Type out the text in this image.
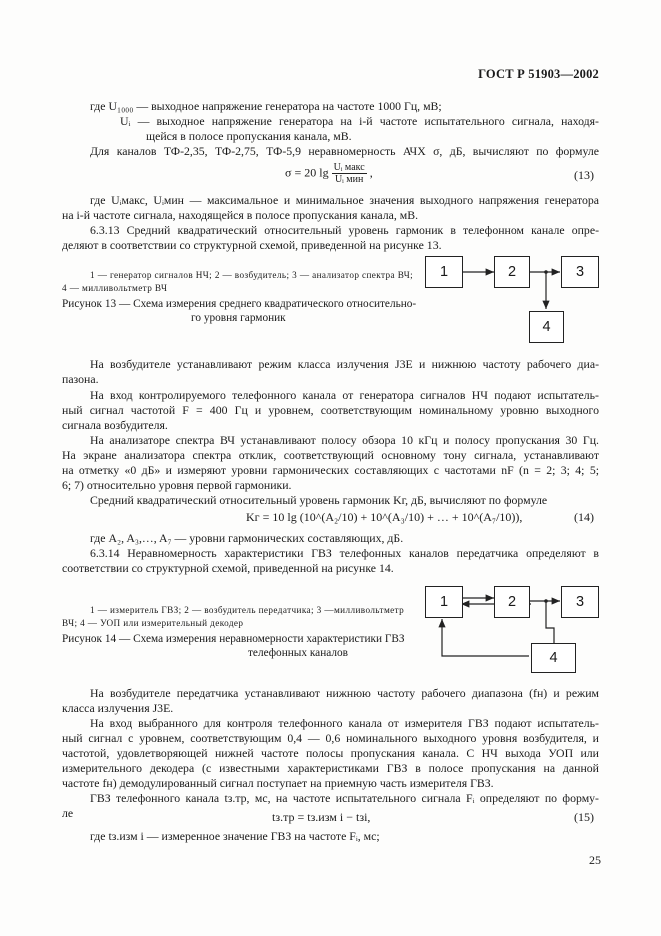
ГОСТ Р 51903—2002
где U₁₀₀₀ — выходное напряжение генератора на частоте 1000 Гц, мВ;
Uᵢ — выходное напряжение генератора на i-й частоте испытательного сигнала, находя-
щейся в полосе пропускания канала, мВ.
Для каналов ТФ-2,35, ТФ-2,75, ТФ-5,9 неравномерность АЧХ σ, дБ, вычисляют по формуле
σ = 20 $\lg \frac{\text{Uᵢ макс}}{\text{Uᵢ мин}}$ ,	(13)
где Uᵢмакс, Uᵢмин — максимальное и минимальное значения выходного напряжения генератора
на i-й частоте сигнала, находящейся в полосе пропускания канала, мВ.
6.3.13 Средний квадратический относительный уровень гармоник в телефонном канале опре-
деляют в соответствии со структурной схемой, приведенной на рисунке 13.
1 — генератор сигналов НЧ; 2 — возбудитель; 3 — анализатор спектра ВЧ;
4 — милливольтметр ВЧ
Рисунок 13 — Схема измерения среднего квадратического относительно-
го уровня гармоник
1	2	3
4
На возбудителе устанавливают режим класса излучения J3E и нижнюю частоту рабочего диа-
пазона.
На вход контролируемого телефонного канала от генератора сигналов НЧ подают испытатель-
ный сигнал частотой F = 400 Гц и уровнем, соответствующим номинальному уровню выходного
сигнала возбудителя.
На анализаторе спектра ВЧ устанавливают полосу обзора 10 кГц и полосу пропускания 30 Гц.
На экране анализатора спектра отклик, соответствующий основному тону сигнала, устанавливают
на отметку «0 дБ» и измеряют уровни гармонических составляющих с частотами nF (n = 2; 3; 4; 5;
6; 7) относительно уровня первой гармоники.
Средний квадратический относительный уровень гармоник Kг, дБ, вычисляют по формуле
Kг = 10 lg (10^(A₂/10) + 10^(A₃/10) + … + 10^(A₇/10)),	(14)
где A₂, A₃,…, A₇ — уровни гармонических составляющих, дБ.
6.3.14 Неравномерность характеристики ГВЗ телефонных каналов передатчика определяют в
соответствии со структурной схемой, приведенной на рисунке 14.
1 — измеритель ГВЗ; 2 — возбудитель передатчика; 3 —милливольтметр
ВЧ; 4 — УОП или измерительный декодер
Рисунок 14 — Схема измерения неравномерности характеристики ГВЗ
телефонных каналов
1	2	3
4
На возбудителе передатчика устанавливают нижнюю частоту рабочего диапазона (fн) и режим
класса излучения J3E.
На вход выбранного для контроля телефонного канала от измерителя ГВЗ подают испытатель-
ный сигнал с уровнем, соответствующим 0,4 — 0,6 номинального выходного уровня возбудителя, и
частотой, удовлетворяющей нижней частоте полосы пропускания канала. С НЧ выхода УОП или
измерительного декодера (с известными характеристиками ГВЗ в полосе пропускания на данной
частоте fн) демодулированный сигнал поступает на приемную часть измерителя ГВЗ.
ГВЗ телефонного канала tз.тр, мс, на частоте испытательного сигнала Fᵢ определяют по форму-
ле	tз.тр = tз.изм i − tзi,	(15)
где tз.изм i — измеренное значение ГВЗ на частоте Fᵢ, мс;
25
